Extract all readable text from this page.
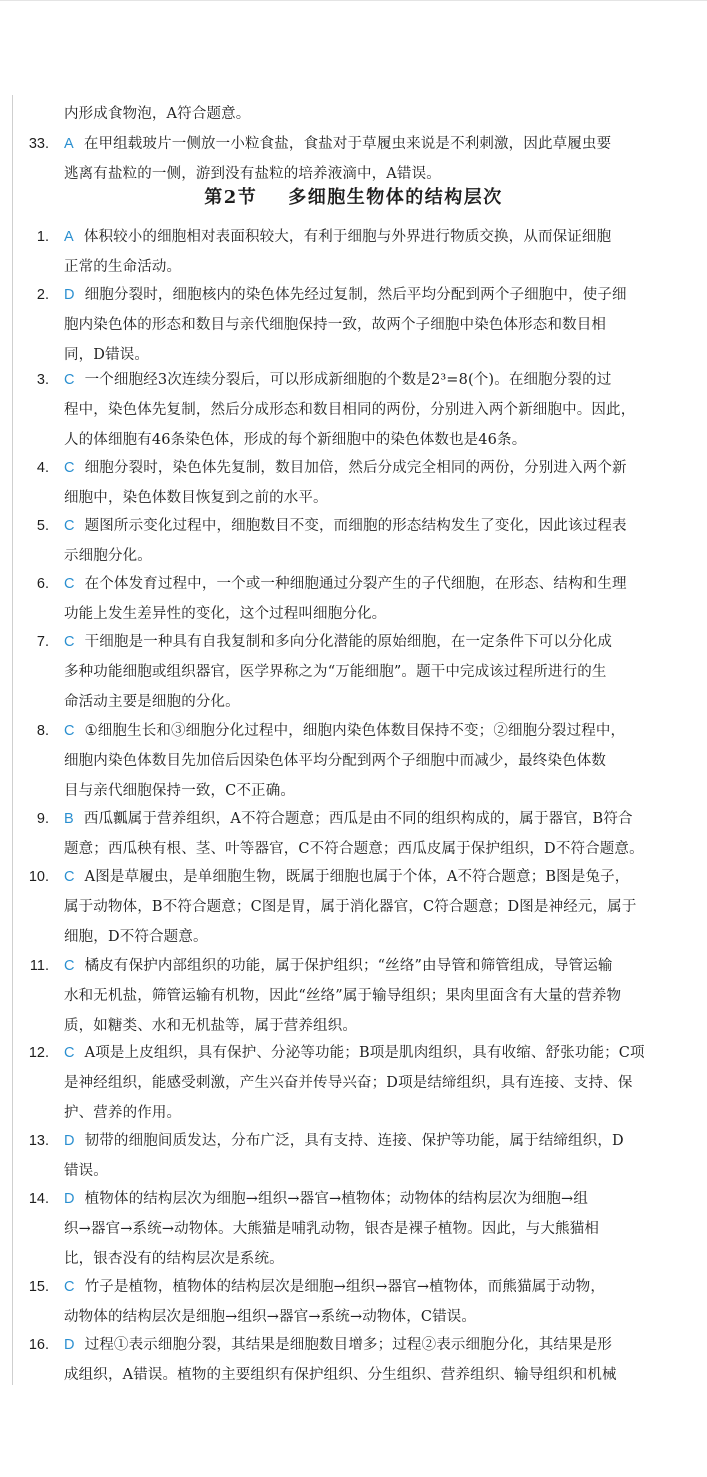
内形成食物泡，A符合题意。
33. A 在甲组载玻片一侧放一小粒食盐，食盐对于草履虫来说是不利刺激，因此草履虫要
逃离有盐粒的一侧，游到没有盐粒的培养液滴中，A错误。
第2节    多细胞生物体的结构层次
1. A 体积较小的细胞相对表面积较大，有利于细胞与外界进行物质交换，从而保证细胞
正常的生命活动。
2. D 细胞分裂时，细胞核内的染色体先经过复制，然后平均分配到两个子细胞中，使子细
胞内染色体的形态和数目与亲代细胞保持一致，故两个子细胞中染色体形态和数目相
同，D错误。
3. C 一个细胞经3次连续分裂后，可以形成新细胞的个数是2³=8(个)。在细胞分裂的过
程中，染色体先复制，然后分成形态和数目相同的两份，分别进入两个新细胞中。因此，
人的体细胞有46条染色体，形成的每个新细胞中的染色体数也是46条。
4. C 细胞分裂时，染色体先复制，数目加倍，然后分成完全相同的两份，分别进入两个新
细胞中，染色体数目恢复到之前的水平。
5. C 题图所示变化过程中，细胞数目不变，而细胞的形态结构发生了变化，因此该过程表
示细胞分化。
6. C 在个体发育过程中，一个或一种细胞通过分裂产生的子代细胞，在形态、结构和生理
功能上发生差异性的变化，这个过程叫细胞分化。
7. C 干细胞是一种具有自我复制和多向分化潜能的原始细胞，在一定条件下可以分化成
多种功能细胞或组织器官，医学界称之为“万能细胞”。题干中完成该过程所进行的生
命活动主要是细胞的分化。
8. C ①细胞生长和③细胞分化过程中，细胞内染色体数目保持不变；②细胞分裂过程中，
细胞内染色体数目先加倍后因染色体平均分配到两个子细胞中而减少，最终染色体数
目与亲代细胞保持一致，C不正确。
9. B 西瓜瓤属于营养组织，A不符合题意；西瓜是由不同的组织构成的，属于器官，B符合
题意；西瓜秧有根、茎、叶等器官，C不符合题意；西瓜皮属于保护组织，D不符合题意。
10. C A图是草履虫，是单细胞生物，既属于细胞也属于个体，A不符合题意；B图是兔子，
属于动物体，B不符合题意；C图是胃，属于消化器官，C符合题意；D图是神经元，属于
细胞，D不符合题意。
11. C 橘皮有保护内部组织的功能，属于保护组织；“丝络”由导管和筛管组成，导管运输
水和无机盐，筛管运输有机物，因此“丝络”属于输导组织；果肉里面含有大量的营养物
质，如糖类、水和无机盐等，属于营养组织。
12. C A项是上皮组织，具有保护、分泌等功能；B项是肌肉组织，具有收缩、舒张功能；C项
是神经组织，能感受刺激，产生兴奋并传导兴奋；D项是结缔组织，具有连接、支持、保
护、营养的作用。
13. D 韧带的细胞间质发达，分布广泛，具有支持、连接、保护等功能，属于结缔组织，D
错误。
14. D 植物体的结构层次为细胞→组织→器官→植物体；动物体的结构层次为细胞→组
织→器官→系统→动物体。大熊猫是哺乳动物，银杏是裸子植物。因此，与大熊猫相
比，银杏没有的结构层次是系统。
15. C 竹子是植物，植物体的结构层次是细胞→组织→器官→植物体，而熊猫属于动物，
动物体的结构层次是细胞→组织→器官→系统→动物体，C错误。
16. D 过程①表示细胞分裂，其结果是细胞数目增多；过程②表示细胞分化，其结果是形
成组织，A错误。植物的主要组织有保护组织、分生组织、营养组织、输导组织和机械
